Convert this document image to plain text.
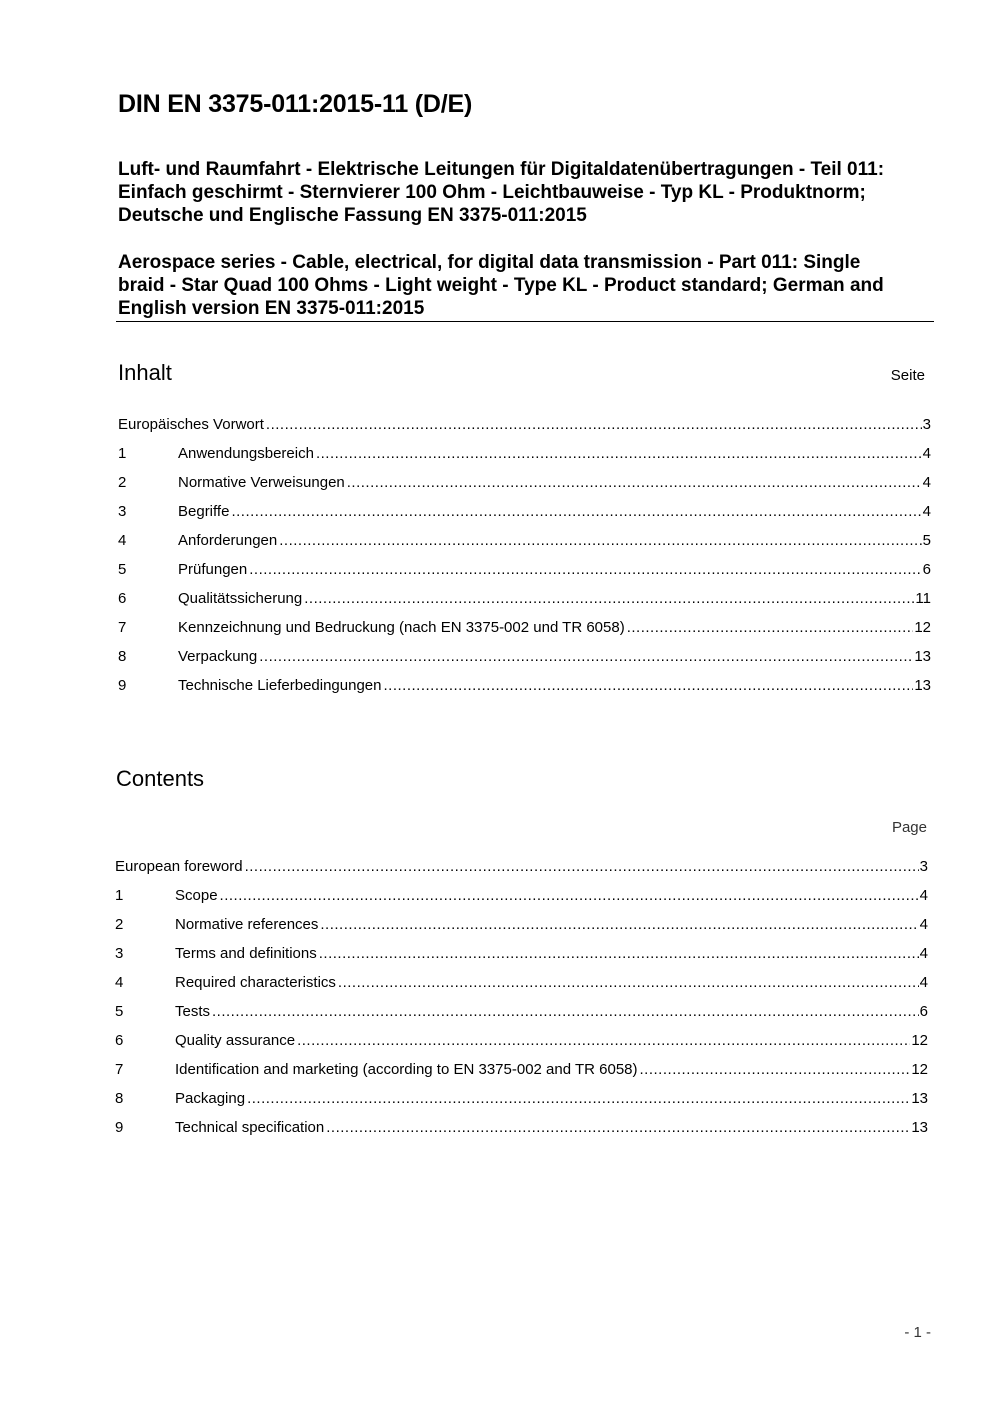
DIN EN 3375-011:2015-11 (D/E)
Luft- und Raumfahrt - Elektrische Leitungen für Digitaldatenübertragungen - Teil 011:
Einfach geschirmt - Sternvierer 100 Ohm - Leichtbauweise - Typ KL - Produktnorm;
Deutsche und Englische Fassung EN 3375-011:2015
Aerospace series - Cable, electrical, for digital data transmission - Part 011: Single
braid - Star Quad 100 Ohms - Light weight - Type KL - Product standard; German and
English version EN 3375-011:2015
Inhalt	Seite
Europäisches Vorwort .....	3
1	Anwendungsbereich .....	4
2	Normative Verweisungen .....	4
3	Begriffe .....	4
4	Anforderungen .....	5
5	Prüfungen .....	6
6	Qualitätssicherung .....	11
7	Kennzeichnung und Bedruckung (nach EN 3375-002 und TR 6058) .....	12
8	Verpackung .....	13
9	Technische Lieferbedingungen .....	13
Contents
Page
European foreword .....	3
1	Scope .....	4
2	Normative references .....	4
3	Terms and definitions .....	4
4	Required characteristics .....	4
5	Tests .....	6
6	Quality assurance .....	12
7	Identification and marketing (according to EN 3375-002 and TR 6058) .....	12
8	Packaging .....	13
9	Technical specification .....	13
- 1 -
